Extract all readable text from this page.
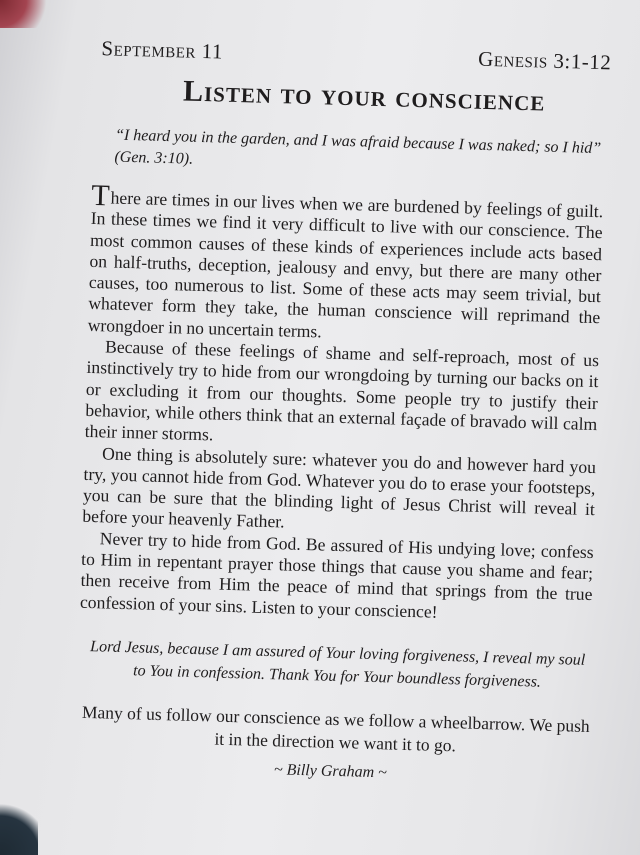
September 11	Genesis 3:1-12
Listen to your conscience
“I heard you in the garden, and I was afraid because I was naked; so I hid” (Gen. 3:10).

There are times in our lives when we are burdened by feelings of guilt. In these times we find it very difficult to live with our conscience. The most common causes of these kinds of experiences include acts based on half-truths, deception, jealousy and envy, but there are many other causes, too numerous to list. Some of these acts may seem trivial, but whatever form they take, the human conscience will reprimand the wrongdoer in no uncertain terms.

Because of these feelings of shame and self-reproach, most of us instinctively try to hide from our wrongdoing by turning our backs on it or excluding it from our thoughts. Some people try to justify their behavior, while others think that an external façade of bravado will calm their inner storms.

One thing is absolutely sure: whatever you do and however hard you try, you cannot hide from God. Whatever you do to erase your footsteps, you can be sure that the blinding light of Jesus Christ will reveal it before your heavenly Father.

Never try to hide from God. Be assured of His undying love; confess to Him in repentant prayer those things that cause you shame and fear; then receive from Him the peace of mind that springs from the true confession of your sins. Listen to your conscience!

Lord Jesus, because I am assured of Your loving forgiveness, I reveal my soul to You in confession. Thank You for Your boundless forgiveness.
Many of us follow our conscience as we follow a wheelbarrow. We push it in the direction we want it to go.
~ Billy Graham ~
